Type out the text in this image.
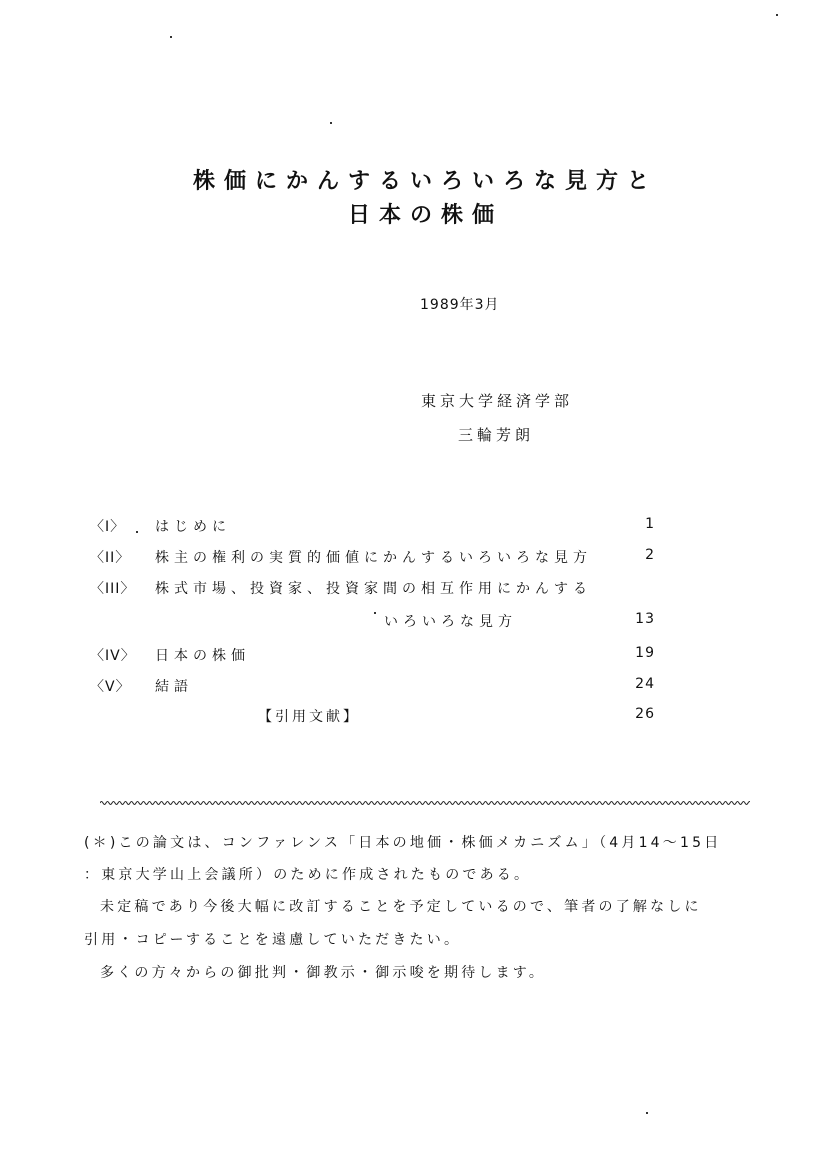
株価にかんするいろいろな見方と
日本の株価
1989年3月
東京大学経済学部
三輪芳朗
〈I〉 はじめに	1
〈II〉 株主の権利の実質的価値にかんするいろいろな見方	2
〈III〉 株式市場、投資家、投資家間の相互作用にかんする
いろいろな見方	13
〈IV〉 日本の株価	19
〈V〉 結語	24
【引用文献】	26
(＊)この論文は、コンファレンス「日本の地価・株価メカニズム」（4月14〜15日
：東京大学山上会議所）のために作成されたものである。
未定稿であり今後大幅に改訂することを予定しているので、筆者の了解なしに
引用・コピーすることを遠慮していただきたい。
多くの方々からの御批判・御教示・御示唆を期待します。
